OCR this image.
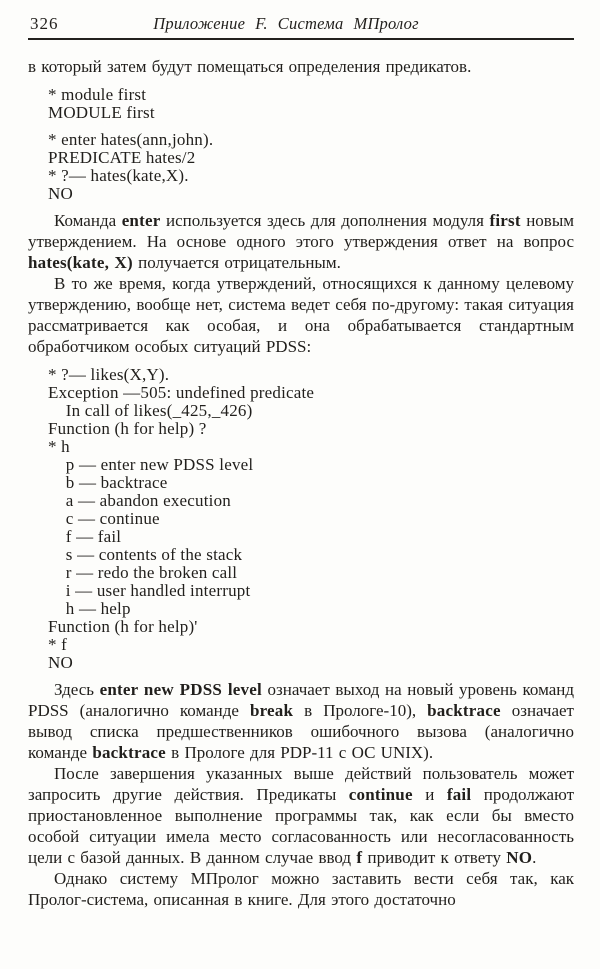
326	Приложение F. Система МПролог

в который затем будут помещаться определения предикатов.

* module first
MODULE first
* enter hates(ann,john).
PREDICATE hates/2
* ?— hates(kate,X).
NO

Команда enter используется здесь для дополнения модуля first новым утверждением. На основе одного этого утверждения ответ на вопрос hates(kate, X) получается отрицательным.

В то же время, когда утверждений, относящихся к данному целевому утверждению, вообще нет, система ведет себя по-другому: такая ситуация рассматривается как особая, и она обрабатывается стандартным обработчиком особых ситуаций PDSS:

* ?— likes(X,Y).
Exception —505: undefined predicate
In call of likes(_425,_426)
Function (h for help) ?
* h
p — enter new PDSS level
b — backtrace
a — abandon execution
c — continue
f — fail
s — contents of the stack
r — redo the broken call
i — user handled interrupt
h — help
Function (h for help)'
* f
NO

Здесь enter new PDSS level означает выход на новый уровень команд PDSS (аналогично команде break в Прологе-10), backtrace означает вывод списка предшественников ошибочного вызова (аналогично команде backtrace в Прологе для PDP-11 с ОС UNIX).

После завершения указанных выше действий пользователь может запросить другие действия. Предикаты continue и fail продолжают приостановленное выполнение программы так, как если бы вместо особой ситуации имела место согласованность или несогласованность цели с базой данных. В данном случае ввод f приводит к ответу NO.

Однако систему МПролог можно заставить вести себя так, как Пролог-система, описанная в книге. Для этого достаточно
